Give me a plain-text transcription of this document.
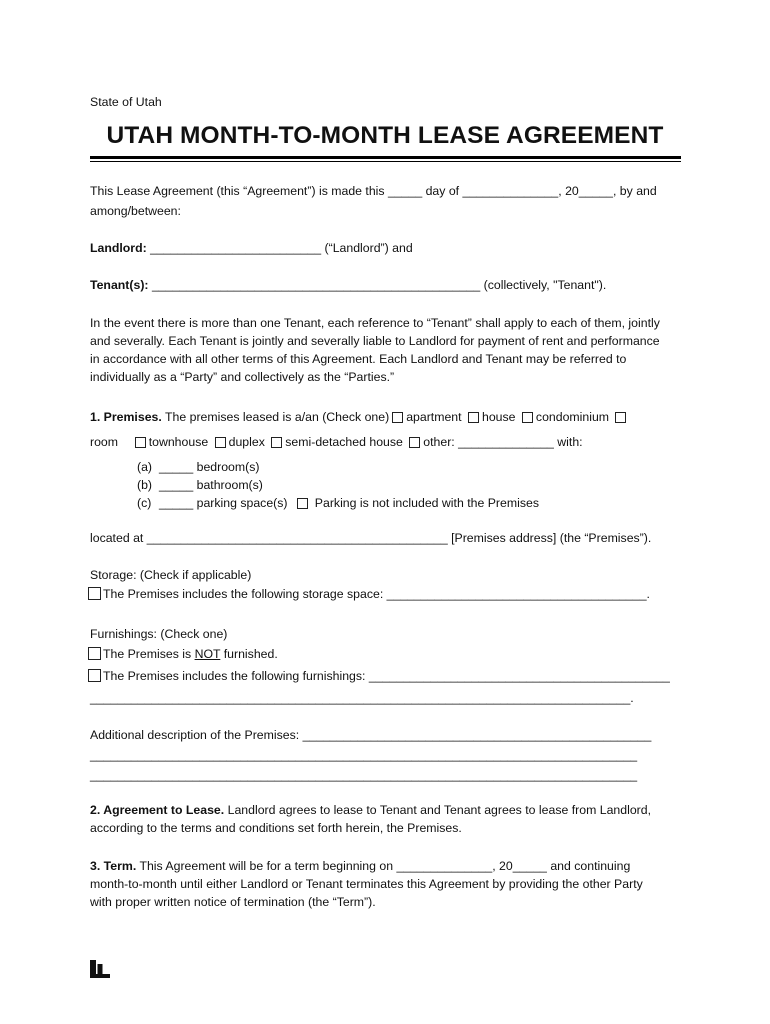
State of Utah
UTAH MONTH-TO-MONTH LEASE AGREEMENT
This Lease Agreement (this “Agreement”) is made this _____ day of ______________, 20_____, by and
among/between:
Landlord: _________________________ (“Landlord”) and
Tenant(s): ________________________________________________ (collectively, "Tenant").
In the event there is more than one Tenant, each reference to “Tenant” shall apply to each of them, jointly
and severally. Each Tenant is jointly and severally liable to Landlord for payment of rent and performance
in accordance with all other terms of this Agreement. Each Landlord and Tenant may be referred to
individually as a “Party” and collectively as the “Parties.”
1. Premises. The premises leased is a/an (Check one) apartment house condominium
room townhouse duplex semi-detached house other: ______________ with:
(a) _____ bedroom(s)
(b) _____ bathroom(s)
(c) _____ parking space(s) Parking is not included with the Premises
located at ____________________________________________ [Premises address] (the “Premises”).
Storage: (Check if applicable)
The Premises includes the following storage space: ______________________________________.
Furnishings: (Check one)
The Premises is NOT furnished.
The Premises includes the following furnishings: ____________________________________________
_______________________________________________________________________________.
Additional description of the Premises: ___________________________________________________
________________________________________________________________________________
________________________________________________________________________________
2. Agreement to Lease. Landlord agrees to lease to Tenant and Tenant agrees to lease from Landlord,
according to the terms and conditions set forth herein, the Premises.
3. Term. This Agreement will be for a term beginning on ______________, 20_____ and continuing
month-to-month until either Landlord or Tenant terminates this Agreement by providing the other Party
with proper written notice of termination (the “Term”).
